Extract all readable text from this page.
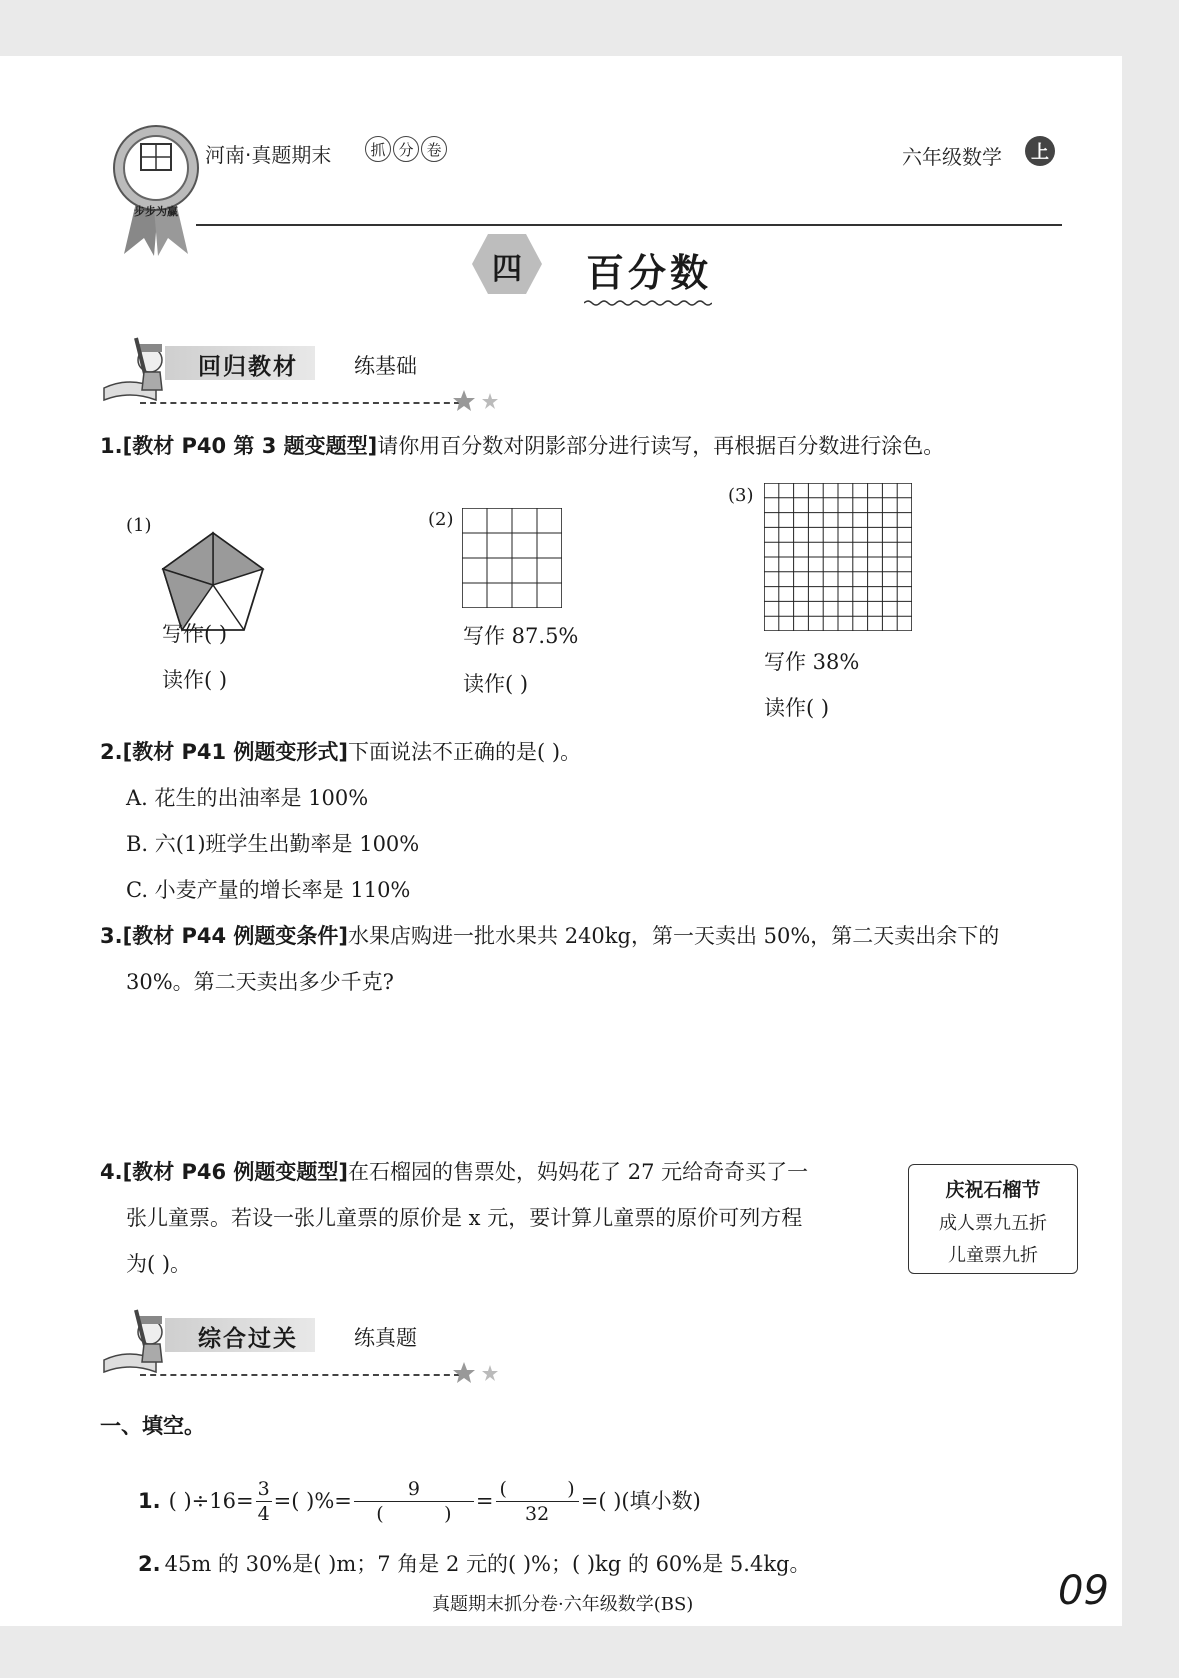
步步为赢
河南·真题期末	抓 分 卷	六年级数学	上
四	百分数
回归教材	练基础
1.[教材 P40 第 3 题变题型]请你用百分数对阴影部分进行读写，再根据百分数进行涂色。
(1)
写作( )
读作( )
(2)
写作 87.5%
读作( )
(3)
写作 38%
读作( )
2.[教材 P41 例题变形式]下面说法不正确的是( )。
A. 花生的出油率是 100%
B. 六(1)班学生出勤率是 100%
C. 小麦产量的增长率是 110%
3.[教材 P44 例题变条件]水果店购进一批水果共 240kg，第一天卖出 50%，第二天卖出余下的
30%。第二天卖出多少千克?
4.[教材 P46 例题变题型]在石榴园的售票处，妈妈花了 27 元给奇奇买了一
张儿童票。若设一张儿童票的原价是 x 元，要计算儿童票的原价可列方程
为( )。
庆祝石榴节
成人票九五折
儿童票九折
综合过关	练真题
一、填空。
1. ( )$\div 16= \frac{3}{4}$ =( )%=
9
(          )
=
(          )
32
=( )(填小数)
2. 45m 的 30%是( )m；7 角是 2 元的( )%；( )kg 的 60%是 5.4kg。
真题期末抓分卷·六年级数学(BS)	09
